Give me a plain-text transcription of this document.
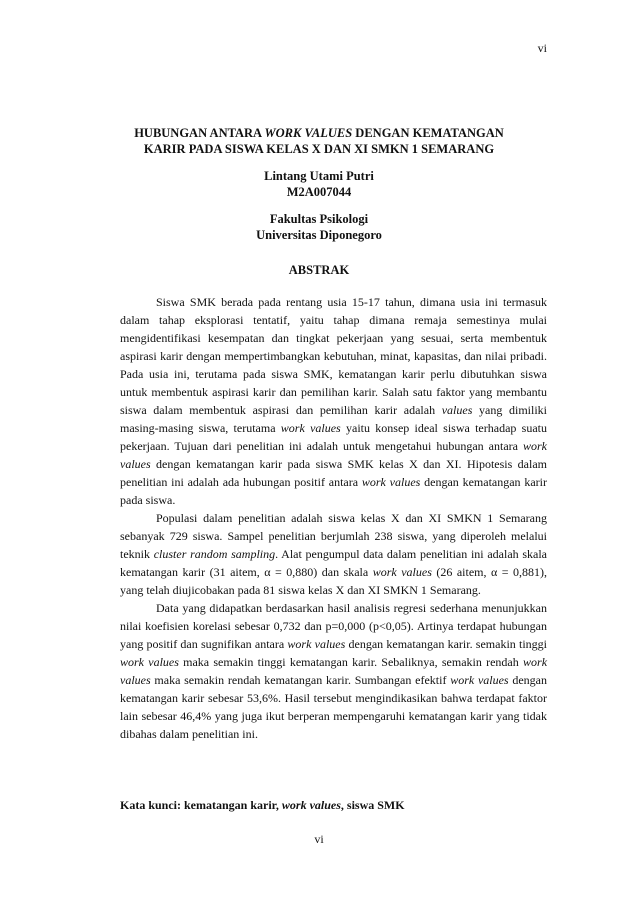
vi
HUBUNGAN ANTARA WORK VALUES DENGAN KEMATANGAN
KARIR PADA SISWA KELAS X DAN XI SMKN 1 SEMARANG
Lintang Utami Putri
M2A007044
Fakultas Psikologi
Universitas Diponegoro
ABSTRAK

Siswa SMK berada pada rentang usia 15-17 tahun, dimana usia ini termasuk dalam tahap eksplorasi tentatif, yaitu tahap dimana remaja semestinya mulai mengidentifikasi kesempatan dan tingkat pekerjaan yang sesuai, serta membentuk aspirasi karir dengan mempertimbangkan kebutuhan, minat, kapasitas, dan nilai pribadi. Pada usia ini, terutama pada siswa SMK, kematangan karir perlu dibutuhkan siswa untuk membentuk aspirasi karir dan pemilihan karir. Salah satu faktor yang membantu siswa dalam membentuk aspirasi dan pemilihan karir adalah values yang dimiliki masing-masing siswa, terutama work values yaitu konsep ideal siswa terhadap suatu pekerjaan. Tujuan dari penelitian ini adalah untuk mengetahui hubungan antara work values dengan kematangan karir pada siswa SMK kelas X dan XI. Hipotesis dalam penelitian ini adalah ada hubungan positif antara work values dengan kematangan karir pada siswa.

Populasi dalam penelitian adalah siswa kelas X dan XI SMKN 1 Semarang sebanyak 729 siswa. Sampel penelitian berjumlah 238 siswa, yang diperoleh melalui teknik cluster random sampling. Alat pengumpul data dalam penelitian ini adalah skala kematangan karir (31 aitem, α = 0,880) dan skala work values (26 aitem, α = 0,881), yang telah diujicobakan pada 81 siswa kelas X dan XI SMKN 1 Semarang.

Data yang didapatkan berdasarkan hasil analisis regresi sederhana menunjukkan nilai koefisien korelasi sebesar 0,732 dan p=0,000 (p<0,05). Artinya terdapat hubungan yang positif dan sugnifikan antara work values dengan kematangan karir. semakin tinggi work values maka semakin tinggi kematangan karir. Sebaliknya, semakin rendah work values maka semakin rendah kematangan karir. Sumbangan efektif work values dengan kematangan karir sebesar 53,6%. Hasil tersebut mengindikasikan bahwa terdapat faktor lain sebesar 46,4% yang juga ikut berperan mempengaruhi kematangan karir yang tidak dibahas dalam penelitian ini.

Kata kunci: kematangan karir, work values, siswa SMK
vi
